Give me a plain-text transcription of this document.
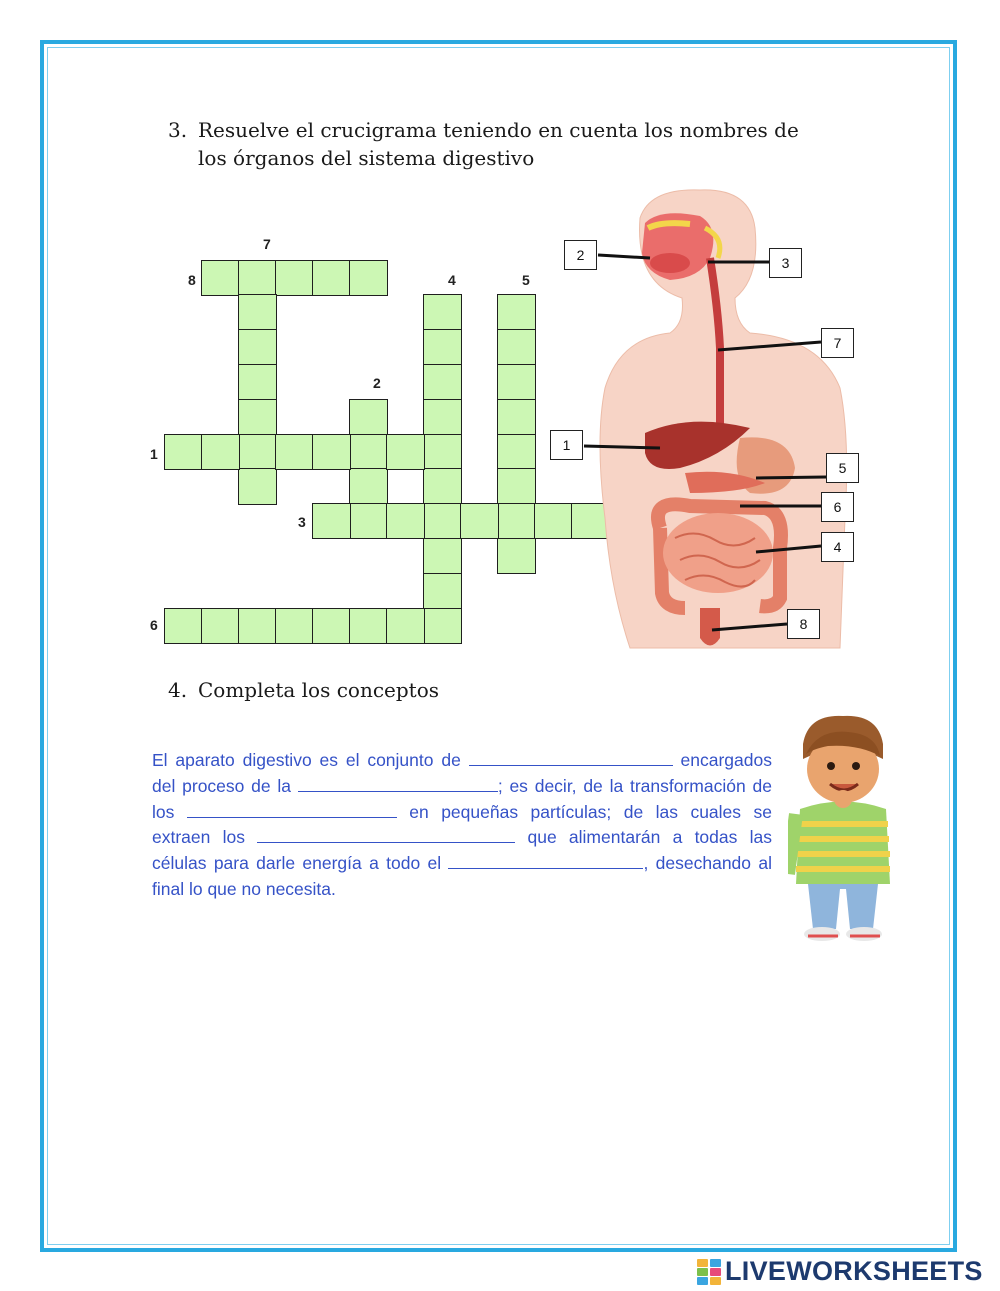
3. Resuelve el crucigrama teniendo en cuenta los nombres de
los órganos del sistema digestivo
7
8	4	5
2
1
3
6
2	3
7
1
5
6
4
8
4. Completa los conceptos
El aparato digestivo es el conjunto de	encargados del proceso de la	; es decir, de la transformación de los	en pequeñas partículas; de las cuales se extraen los	que alimentarán a todas las células para darle energía a todo el	, desechando al final lo que no necesita.
LIVEWORKSHEETS
